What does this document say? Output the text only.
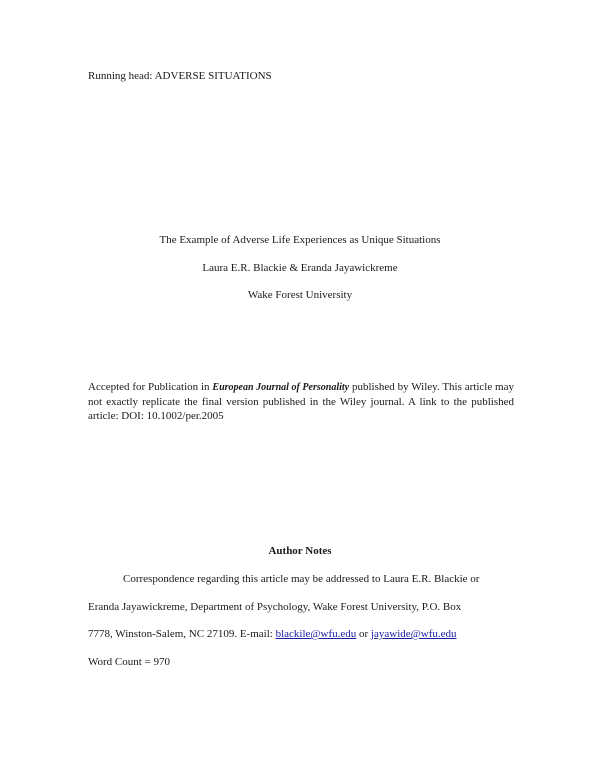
Running head: ADVERSE SITUATIONS
The Example of Adverse Life Experiences as Unique Situations
Laura E.R. Blackie & Eranda Jayawickreme
Wake Forest University
Accepted for Publication in European Journal of Personality published by Wiley. This article may not exactly replicate the final version published in the Wiley journal. A link to the published article: DOI: 10.1002/per.2005
Author Notes
Correspondence regarding this article may be addressed to Laura E.R. Blackie or
Eranda Jayawickreme, Department of Psychology, Wake Forest University, P.O. Box
7778, Winston-Salem, NC 27109. E-mail: blackile@wfu.edu or jayawide@wfu.edu
Word Count = 970
